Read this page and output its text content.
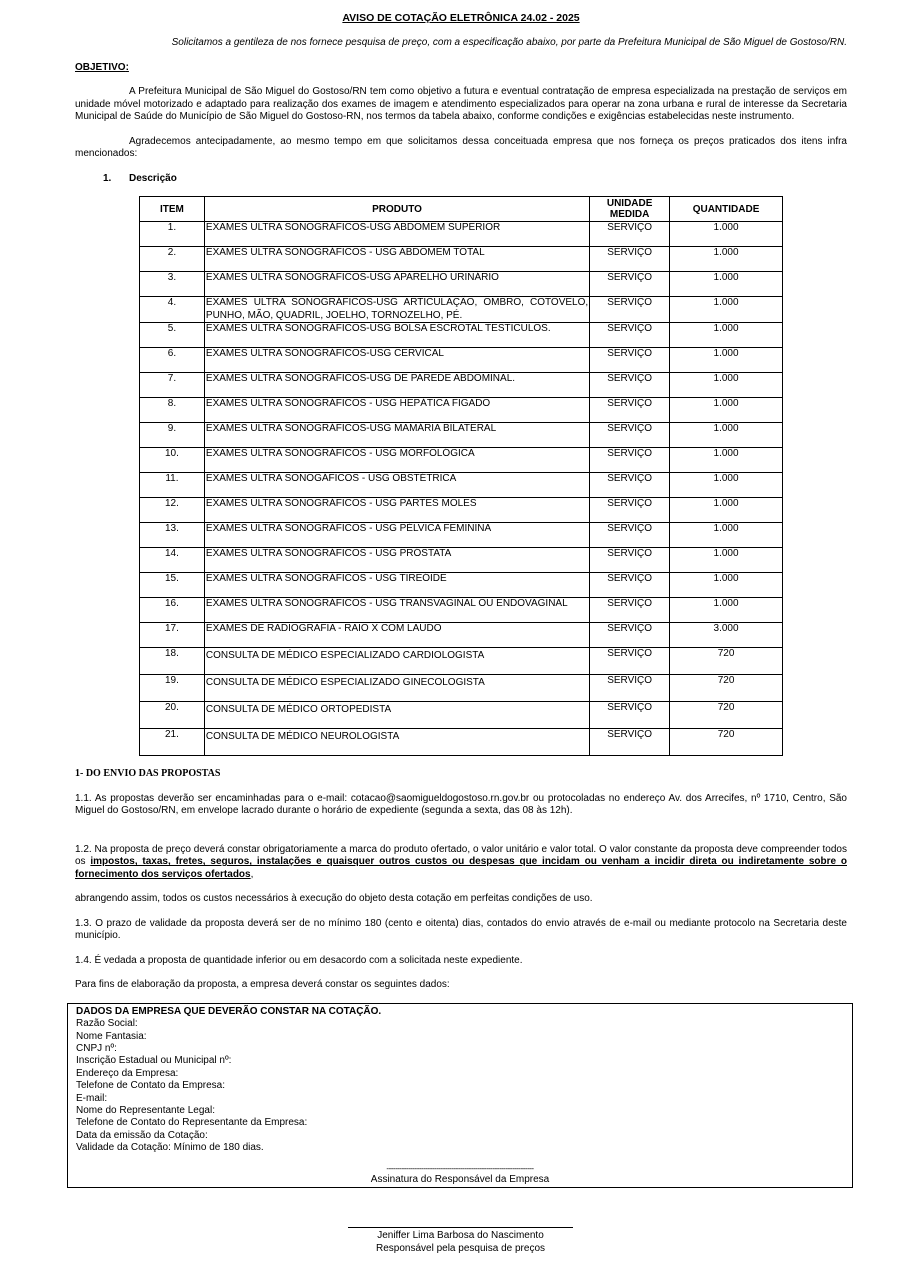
AVISO DE COTAÇÃO ELETRÔNICA 24.02 - 2025
Solicitamos a gentileza de nos fornece pesquisa de preço, com a especificação abaixo, por parte da Prefeitura Municipal de São Miguel de Gostoso/RN.
OBJETIVO:
A Prefeitura Municipal de São Miguel do Gostoso/RN tem como objetivo a futura e eventual contratação de empresa especializada na prestação de serviços em unidade móvel motorizado e adaptado para realização dos exames de imagem e atendimento especializados para operar na zona urbana e rural de interesse da Secretaria Municipal de Saúde do Município de São Miguel do Gostoso-RN, nos termos da tabela abaixo, conforme condições e exigências estabelecidas neste instrumento.
Agradecemos antecipadamente, ao mesmo tempo em que solicitamos dessa conceituada empresa que nos forneça os preços praticados dos itens infra mencionados:
1. Descrição
ITEM	PRODUTO	UNIDADE MEDIDA	QUANTIDADE
1.	EXAMES ULTRA SONOGRÁFICOS-USG ABDOMEM SUPERIOR	SERVIÇO	1.000
2.	EXAMES ULTRA SONOGRÁFICOS - USG ABDOMEM TOTAL	SERVIÇO	1.000
3.	EXAMES ULTRA SONOGRÁFICOS-USG APARELHO URINÁRIO	SERVIÇO	1.000
4.	EXAMES ULTRA SONOGRÁFICOS-USG ARTICULAÇÃO, OMBRO, COTOVELO, PUNHO, MÃO, QUADRIL, JOELHO, TORNOZELHO, PÉ.	SERVIÇO	1.000
5.	EXAMES ULTRA SONOGRÁFICOS-USG BOLSA ESCROTAL TESTICULOS.	SERVIÇO	1.000
6.	EXAMES ULTRA SONOGRÁFICOS-USG CERVICAL	SERVIÇO	1.000
7.	EXAMES ULTRA SONOGRÁFICOS-USG DE PAREDE ABDOMINAL.	SERVIÇO	1.000
8.	EXAMES ULTRA SONOGRÁFICOS - USG HEPÁTICA FIGADO	SERVIÇO	1.000
9.	EXAMES ULTRA SONOGRÁFICOS-USG MAMÁRIA BILATERAL	SERVIÇO	1.000
10.	EXAMES ULTRA SONOGRÁFICOS - USG MORFOLÓGICA	SERVIÇO	1.000
11.	EXAMES ULTRA SONOGÁFICOS - USG OBSTÉTRICA	SERVIÇO	1.000
12.	EXAMES ULTRA SONOGRÁFICOS - USG PARTES MOLES	SERVIÇO	1.000
13.	EXAMES ULTRA SONOGRÁFICOS - USG PÉLVICA FEMININA	SERVIÇO	1.000
14.	EXAMES ULTRA SONOGRÁFICOS - USG PRÓSTATA	SERVIÇO	1.000
15.	EXAMES ULTRA SONOGRÁFICOS - USG TIREÓIDE	SERVIÇO	1.000
16.	EXAMES ULTRA SONOGRÁFICOS - USG TRANSVAGINAL OU ENDOVAGINAL	SERVIÇO	1.000
17.	EXAMES DE RADIOGRAFIA - RAIO X COM LAUDO	SERVIÇO	3.000
18.	CONSULTA DE MÉDICO ESPECIALIZADO CARDIOLOGISTA	SERVIÇO	720
19.	CONSULTA DE MÉDICO ESPECIALIZADO GINECOLOGISTA	SERVIÇO	720
20.	CONSULTA DE MÉDICO ORTOPEDISTA	SERVIÇO	720
21.	CONSULTA DE MÉDICO NEUROLOGISTA	SERVIÇO	720
1- DO ENVIO DAS PROPOSTAS
1.1. As propostas deverão ser encaminhadas para o e-mail: cotacao@saomigueldogostoso.rn.gov.br ou protocoladas no endereço Av. dos Arrecifes, nº 1710, Centro, São Miguel do Gostoso/RN, em envelope lacrado durante o horário de expediente (segunda a sexta, das 08 às 12h).
1.2. Na proposta de preço deverá constar obrigatoriamente a marca do produto ofertado, o valor unitário e valor total. O valor constante da proposta deve compreender todos os impostos, taxas, fretes, seguros, instalações e quaisquer outros custos ou despesas que incidam ou venham a incidir direta ou indiretamente sobre o fornecimento dos serviços ofertados,
abrangendo assim, todos os custos necessários à execução do objeto desta cotação em perfeitas condições de uso.
1.3. O prazo de validade da proposta deverá ser de no mínimo 180 (cento e oitenta) dias, contados do envio através de e-mail ou mediante protocolo na Secretaria deste município.
1.4. É vedada a proposta de quantidade inferior ou em desacordo com a solicitada neste expediente.
Para fins de elaboração da proposta, a empresa deverá constar os seguintes dados:
DADOS DA EMPRESA QUE DEVERÃO CONSTAR NA COTAÇÃO.
Razão Social:
Nome Fantasia:
CNPJ nº:
Inscrição Estadual ou Municipal nº:
Endereço da Empresa:
Telefone de Contato da Empresa:
E-mail:
Nome do Representante Legal:
Telefone de Contato do Representante da Empresa:
Data da emissão da Cotação:
Validade da Cotação: Mínimo de 180 dias.
--------------------------------------------------------------------
Assinatura do Responsável da Empresa
Jeniffer Lima Barbosa do Nascimento
Responsável pela pesquisa de preços
